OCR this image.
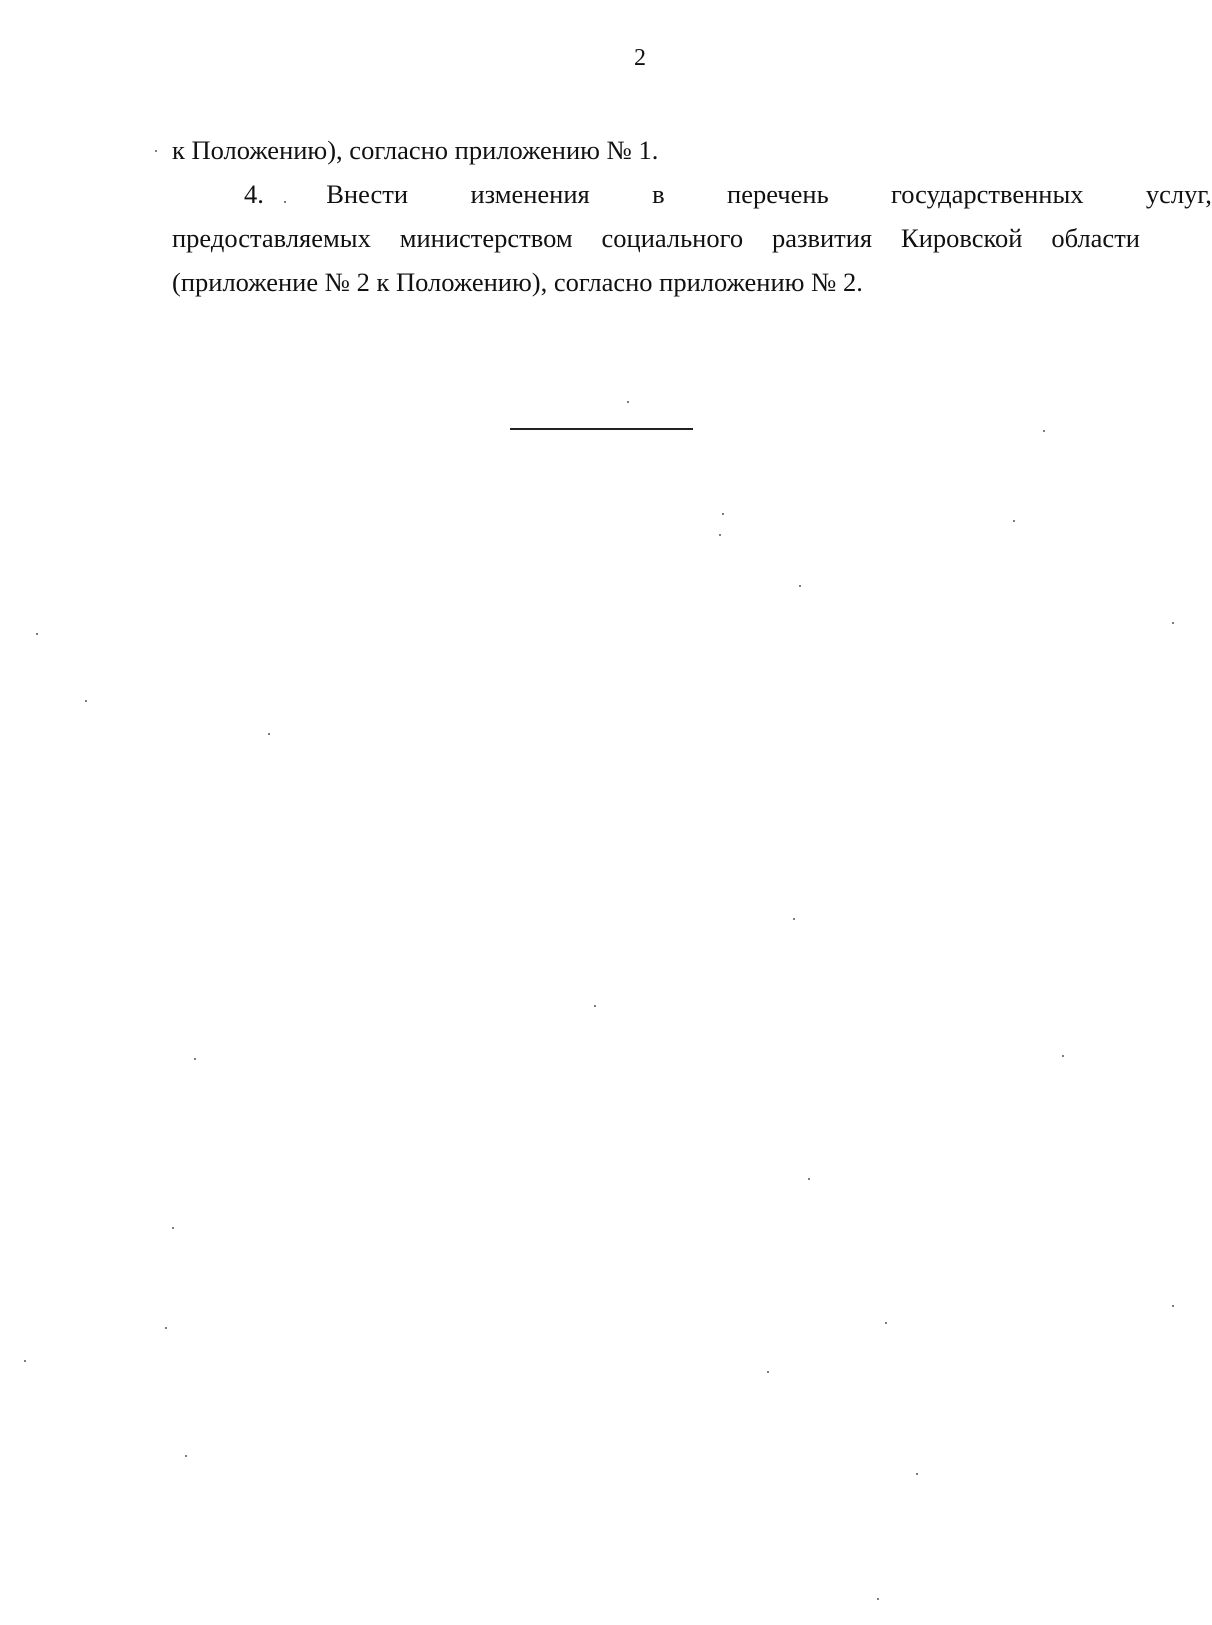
2

к Положению), согласно приложению № 1.

4. Внести изменения в перечень государственных услуг,
предоставляемых министерством социального развития Кировской области
(приложение № 2 к Положению), согласно приложению № 2.
